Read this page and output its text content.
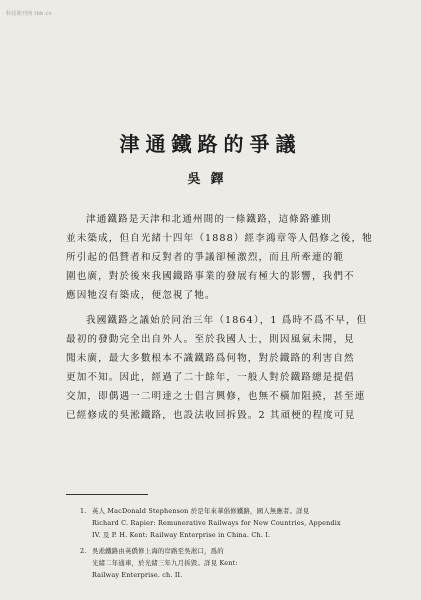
科技期刊网 tbb.cn
津通鐵路的爭議
吳鐸
津通鐵路是天津和北通州間的一條鐵路，這條路雖則
並未築成，但自光緒十四年（1888）經李鴻章等人倡修之後，牠
所引起的倡贊者和反對者的爭議卻極激烈，而且所牽連的範
圍也廣，對於後來我國鐵路事業的發展有極大的影響，我們不
應因牠沒有築成，便忽視了牠。
我國鐵路之議始於同治三年（1864），1 爲時不爲不早，但
最初的發動完全出自外人。至於我國人士，則因風氣未開，見
聞未廣，最大多數根本不識鐵路爲何物，對於鐵路的利害自然
更加不知。因此，經過了二十餘年，一般人對於鐵路總是提倡
交加，即偶遇一二明達之士倡言興修，也無不橫加阻撓，甚至連
已經修成的吳淞鐵路，也設法收回拆毀。2 其頑梗的程度可見
1. 英人 MacDonald Stephenson 於是年來華倡修鐵路，國人無應者。詳見
Richard C. Rapier: Remunerative Railways for New Countries, Appendix
IV. 及 P. H. Kent: Railway Enterprise in China. Ch. I.
2. 吳淞鐵路由英僑修上海的岸路至吳淞口，爲的
光緒二年通車，於光緒三年九月拆毀。詳見 Kent:
Railway Enterprise. ch. II.
